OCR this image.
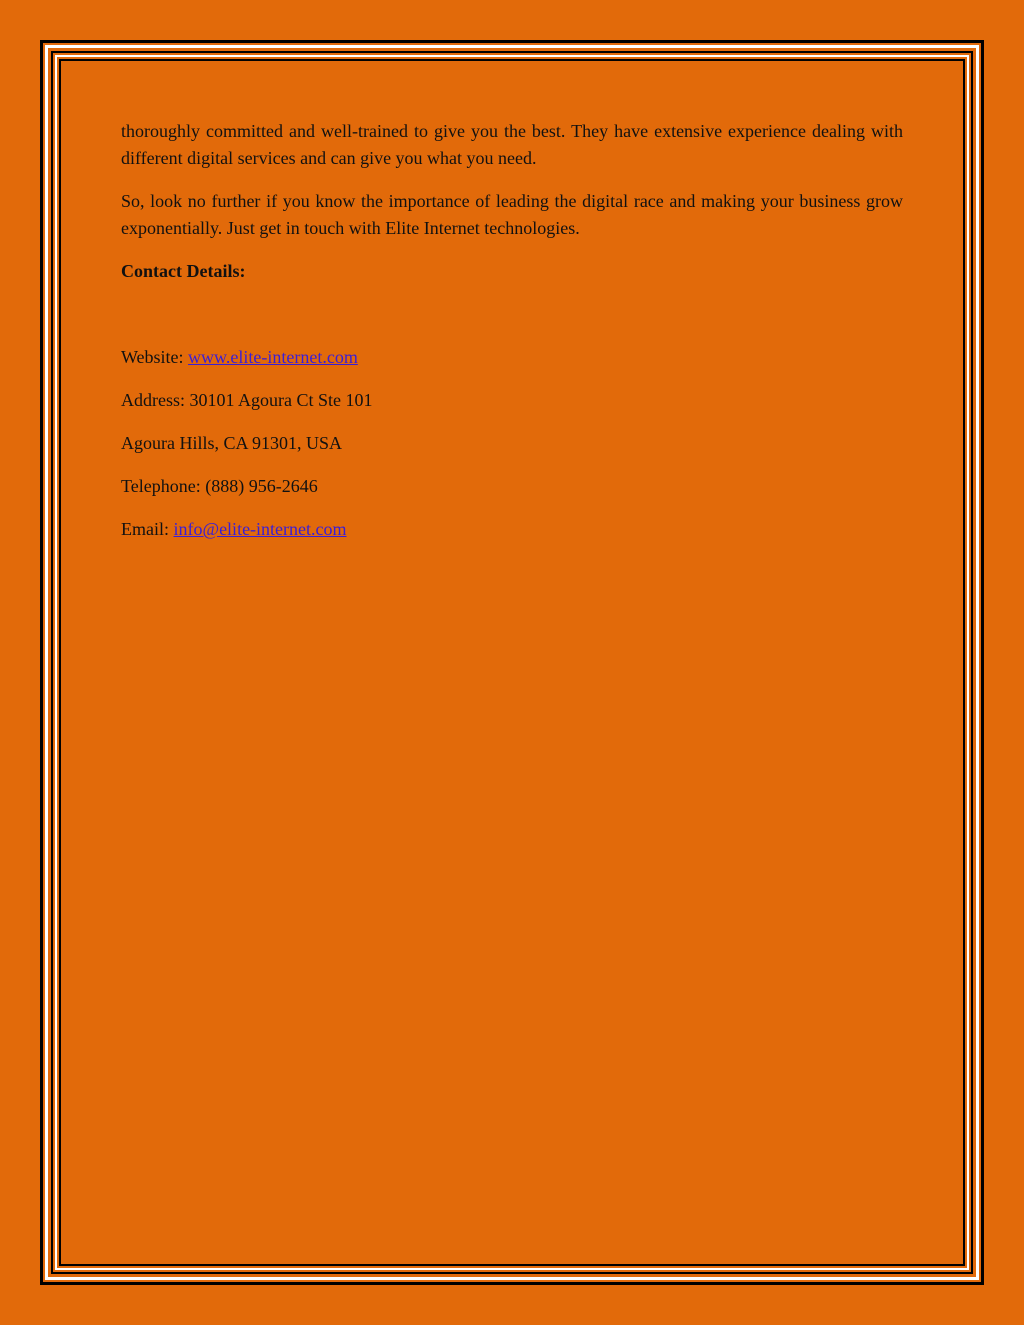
thoroughly committed and well-trained to give you the best. They have extensive experience dealing with different digital services and can give you what you need.

So, look no further if you know the importance of leading the digital race and making your business grow exponentially. Just get in touch with Elite Internet technologies.

Contact Details:

Website: www.elite-internet.com

Address: 30101 Agoura Ct Ste 101

Agoura Hills, CA 91301, USA

Telephone: (888) 956-2646

Email: info@elite-internet.com
